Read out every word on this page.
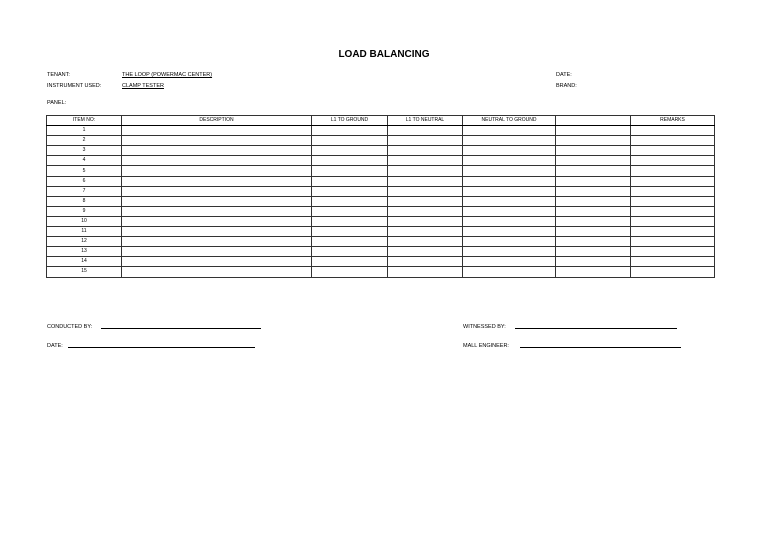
LOAD BALANCING
TENANT:	THE LOOP (POWERMAC CENTER)
INSTRUMENT USED:	CLAMP TESTER
DATE:
BRAND:
PANEL:
ITEM NO:	DESCRIPTION	L1 TO GROUND	L1 TO NEUTRAL	NEUTRAL TO GROUND		REMARKS
1						
2						
3						
4						
5						
6						
7						
8						
9						
10						
11						
12						
13						
14						
15						
CONDUCTED BY:	WITNESSED BY:
DATE:	MALL ENGINEER:
